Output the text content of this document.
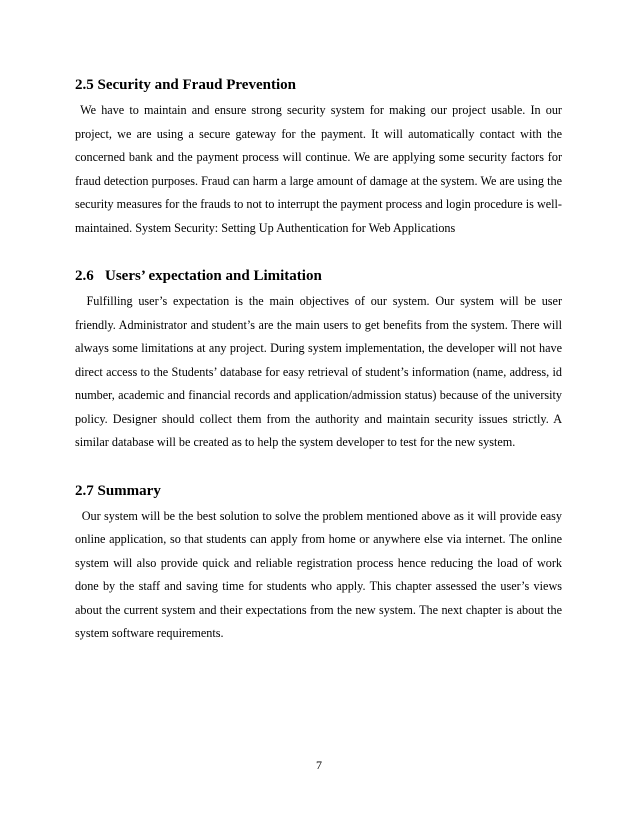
2.5 Security and Fraud Prevention

We have to maintain and ensure strong security system for making our project usable. In our project, we are using a secure gateway for the payment. It will automatically contact with the concerned bank and the payment process will continue. We are applying some security factors for fraud detection purposes. Fraud can harm a large amount of damage at the system. We are using the security measures for the frauds to not to interrupt the payment process and login procedure is well-maintained. System Security: Setting Up Authentication for Web Applications

2.6   Users’ expectation and Limitation

Fulfilling user’s expectation is the main objectives of our system. Our system will be user friendly. Administrator and student’s are the main users to get benefits from the system. There will always some limitations at any project. During system implementation, the developer will not have direct access to the Students’ database for easy retrieval of student’s information (name, address, id number, academic and financial records and application/admission status) because of the university policy. Designer should collect them from the authority and maintain security issues strictly. A similar database will be created as to help the system developer to test for the new system.

2.7 Summary

Our system will be the best solution to solve the problem mentioned above as it will provide easy online application, so that students can apply from home or anywhere else via internet. The online system will also provide quick and reliable registration process hence reducing the load of work done by the staff and saving time for students who apply. This chapter assessed the user’s views about the current system and their expectations from the new system. The next chapter is about the system software requirements.

7
